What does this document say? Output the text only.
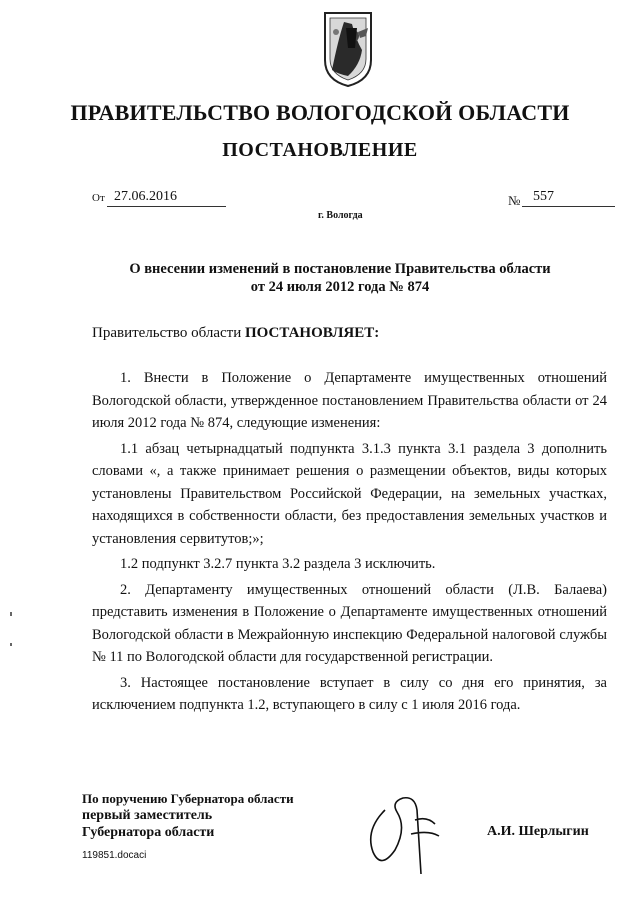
ПРАВИТЕЛЬСТВО ВОЛОГОДСКОЙ ОБЛАСТИ
ПОСТАНОВЛЕНИЕ
От 27.06.2016	№ 557
г. Вологда
О внесении изменений в постановление Правительства области
от 24 июля 2012 года № 874
Правительство области ПОСТАНОВЛЯЕТ:

1. Внести в Положение о Департаменте имущественных отношений Вологодской области, утвержденное постановлением Правительства области от 24 июля 2012 года № 874, следующие изменения:

1.1 абзац четырнадцатый подпункта 3.1.3 пункта 3.1 раздела 3 дополнить словами «, а также принимает решения о размещении объектов, виды которых установлены Правительством Российской Федерации, на земельных участках, находящихся в собственности области, без предоставления земельных участков и установления сервитутов;»;

1.2 подпункт 3.2.7 пункта 3.2 раздела 3 исключить.

2. Департаменту имущественных отношений области (Л.В. Балаева) представить изменения в Положение о Департаменте имущественных отношений Вологодской области в Межрайонную инспекцию Федеральной налоговой службы № 11 по Вологодской области для государственной регистрации.

3. Настоящее постановление вступает в силу со дня его принятия, за исключением подпункта 1.2, вступающего в силу с 1 июля 2016 года.

По поручению Губернатора области
первый заместитель
Губернатора области	А.И. Шерлыгин
119851.docaci
